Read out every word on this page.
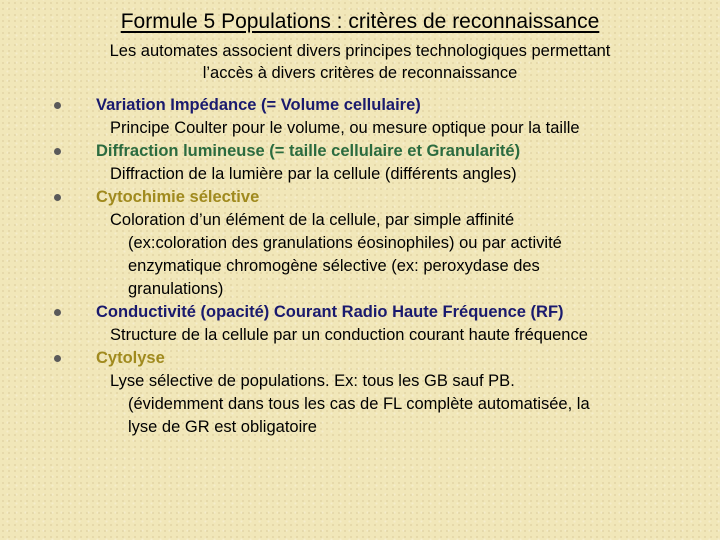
Formule 5 Populations : critères de reconnaissance
Les automates associent divers principes technologiques permettant
l’accès à divers critères de reconnaissance
Variation Impédance (= Volume cellulaire)
Principe Coulter pour le volume, ou mesure optique pour la taille
Diffraction lumineuse (= taille cellulaire et Granularité)
Diffraction de la lumière par la cellule (différents angles)
Cytochimie sélective
Coloration d’un élément de la cellule, par simple affinité
(ex:coloration des granulations éosinophiles) ou par activité
enzymatique chromogène sélective (ex: peroxydase des
granulations)
Conductivité (opacité) Courant Radio Haute Fréquence (RF)
Structure de la cellule par un conduction courant haute fréquence
Cytolyse
Lyse sélective de populations. Ex: tous les GB sauf PB.
(évidemment dans tous les cas de FL complète automatisée, la
lyse de GR est obligatoire
